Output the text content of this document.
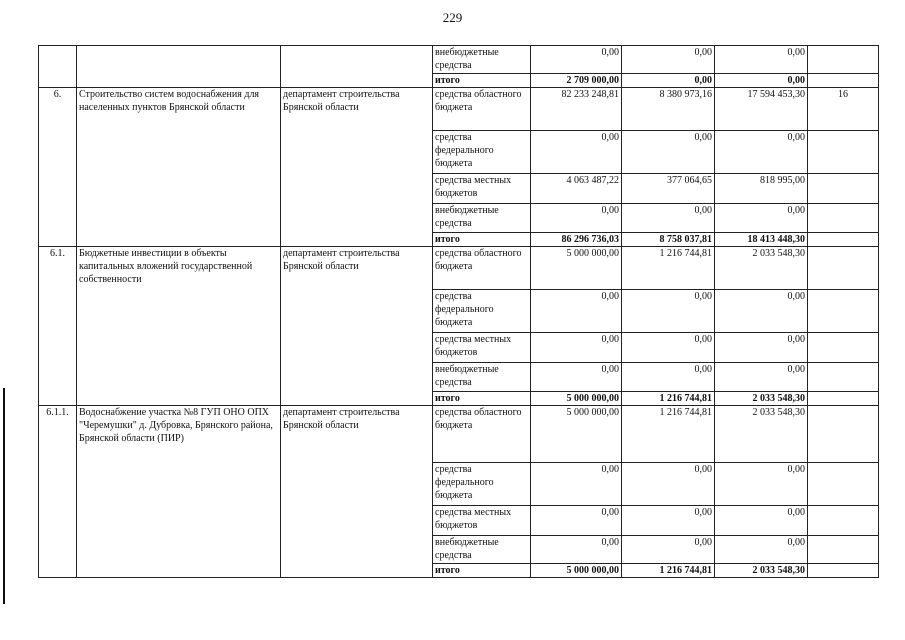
229
			внебюджетные средства	0,00	0,00	0,00	
			итого	2 709 000,00	0,00	0,00	
6.	Строительство систем водоснабжения для населенных пунктов Брянской области	департамент строительства Брянской области	средства областного бюджета	82 233 248,81	8 380 973,16	17 594 453,30	16
			средства федерального бюджета	0,00	0,00	0,00	
			средства местных бюджетов	4 063 487,22	377 064,65	818 995,00	
			внебюджетные средства	0,00	0,00	0,00	
			итого	86 296 736,03	8 758 037,81	18 413 448,30	
6.1.	Бюджетные инвестиции в объекты капитальных вложений государственной собственности	департамент строительства Брянской области	средства областного бюджета	5 000 000,00	1 216 744,81	2 033 548,30	
			средства федерального бюджета	0,00	0,00	0,00	
			средства местных бюджетов	0,00	0,00	0,00	
			внебюджетные средства	0,00	0,00	0,00	
			итого	5 000 000,00	1 216 744,81	2 033 548,30	
6.1.1.	Водоснабжение участка №8 ГУП ОНО ОПХ "Черемушки" д. Дубровка, Брянского района, Брянской области (ПИР)	департамент строительства Брянской области	средства областного бюджета	5 000 000,00	1 216 744,81	2 033 548,30	
			средства федерального бюджета	0,00	0,00	0,00	
			средства местных бюджетов	0,00	0,00	0,00	
			внебюджетные средства	0,00	0,00	0,00	
			итого	5 000 000,00	1 216 744,81	2 033 548,30	
